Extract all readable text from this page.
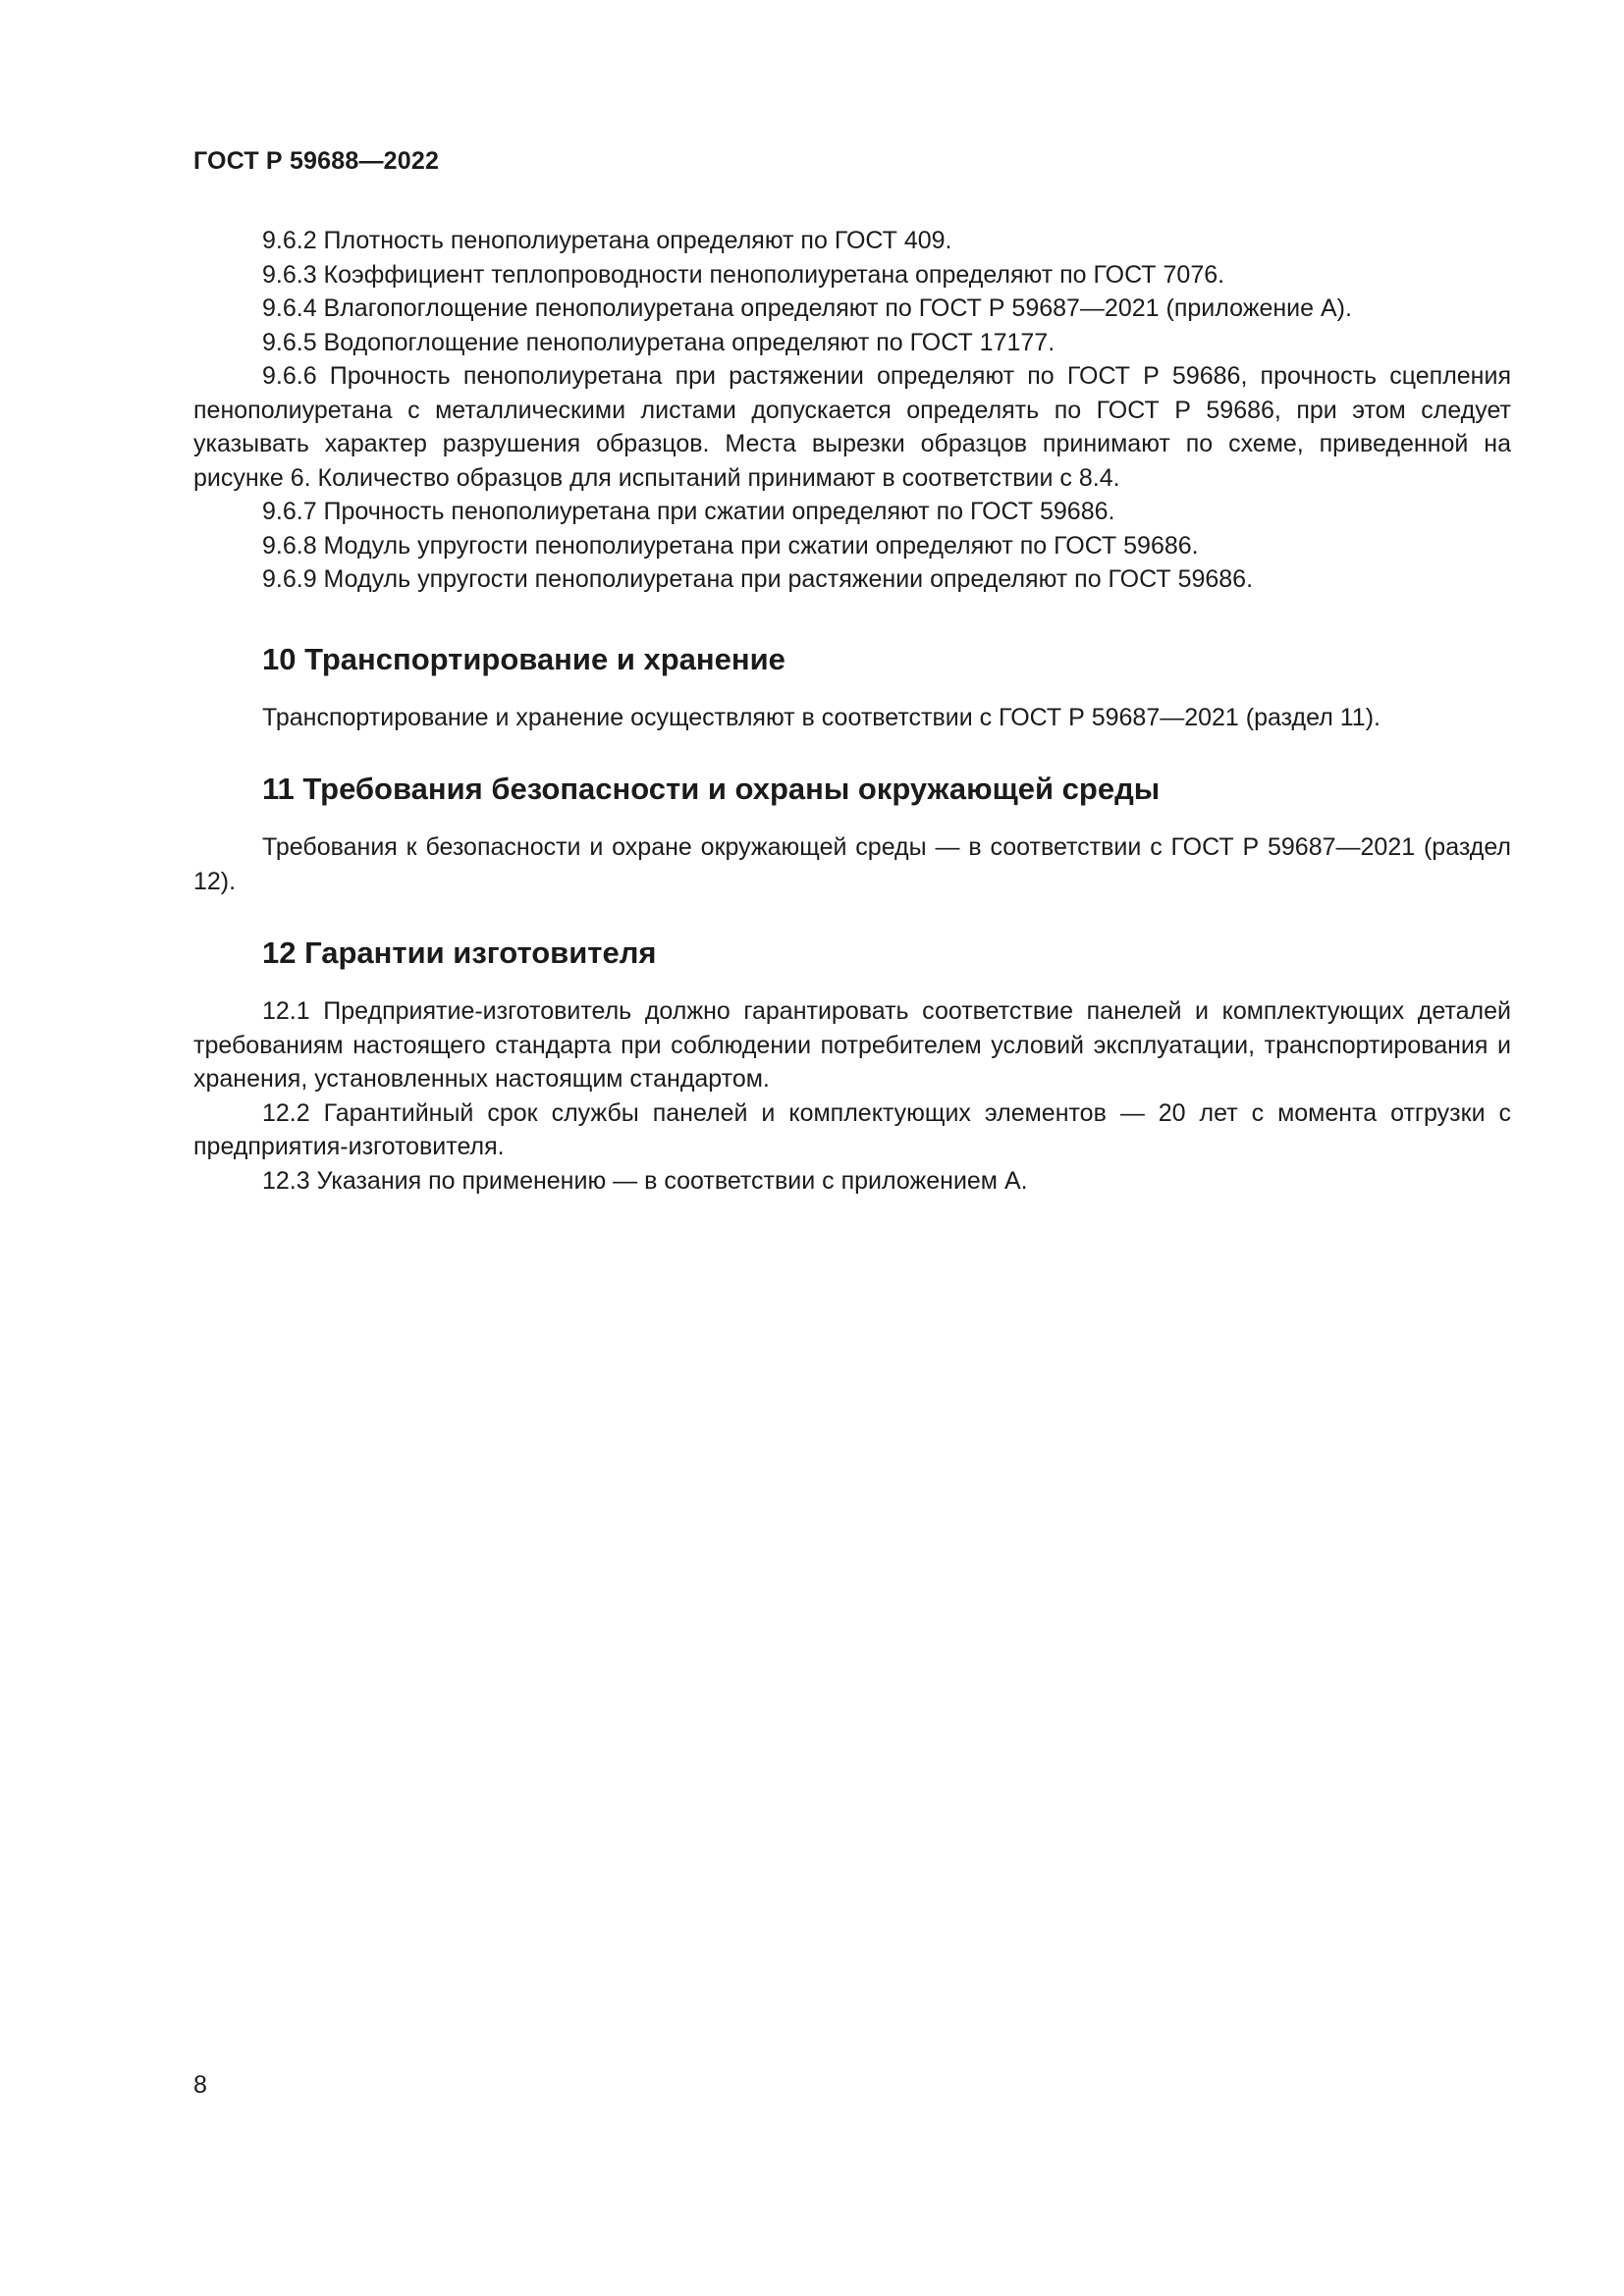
ГОСТ Р 59688—2022

9.6.2 Плотность пенополиуретана определяют по ГОСТ 409.

9.6.3 Коэффициент теплопроводности пенополиуретана определяют по ГОСТ 7076.

9.6.4 Влагопоглощение пенополиуретана определяют по ГОСТ Р 59687—2021 (приложение А).

9.6.5 Водопоглощение пенополиуретана определяют по ГОСТ 17177.

9.6.6 Прочность пенополиуретана при растяжении определяют по ГОСТ Р 59686, прочность сцепления пенополиуретана с металлическими листами допускается определять по ГОСТ Р 59686, при этом следует указывать характер разрушения образцов. Места вырезки образцов принимают по схеме, приведенной на рисунке 6. Количество образцов для испытаний принимают в соответствии с 8.4.

9.6.7 Прочность пенополиуретана при сжатии определяют по ГОСТ 59686.

9.6.8 Модуль упругости пенополиуретана при сжатии определяют по ГОСТ 59686.

9.6.9 Модуль упругости пенополиуретана при растяжении определяют по ГОСТ 59686.

10 Транспортирование и хранение

Транспортирование и хранение осуществляют в соответствии с ГОСТ Р 59687—2021 (раздел 11).

11 Требования безопасности и охраны окружающей среды

Требования к безопасности и охране окружающей среды — в соответствии с ГОСТ Р 59687—2021 (раздел 12).

12 Гарантии изготовителя

12.1 Предприятие-изготовитель должно гарантировать соответствие панелей и комплектующих деталей требованиям настоящего стандарта при соблюдении потребителем условий эксплуатации, транспортирования и хранения, установленных настоящим стандартом.

12.2 Гарантийный срок службы панелей и комплектующих элементов — 20 лет с момента отгрузки с предприятия-изготовителя.

12.3 Указания по применению — в соответствии с приложением А.

8
